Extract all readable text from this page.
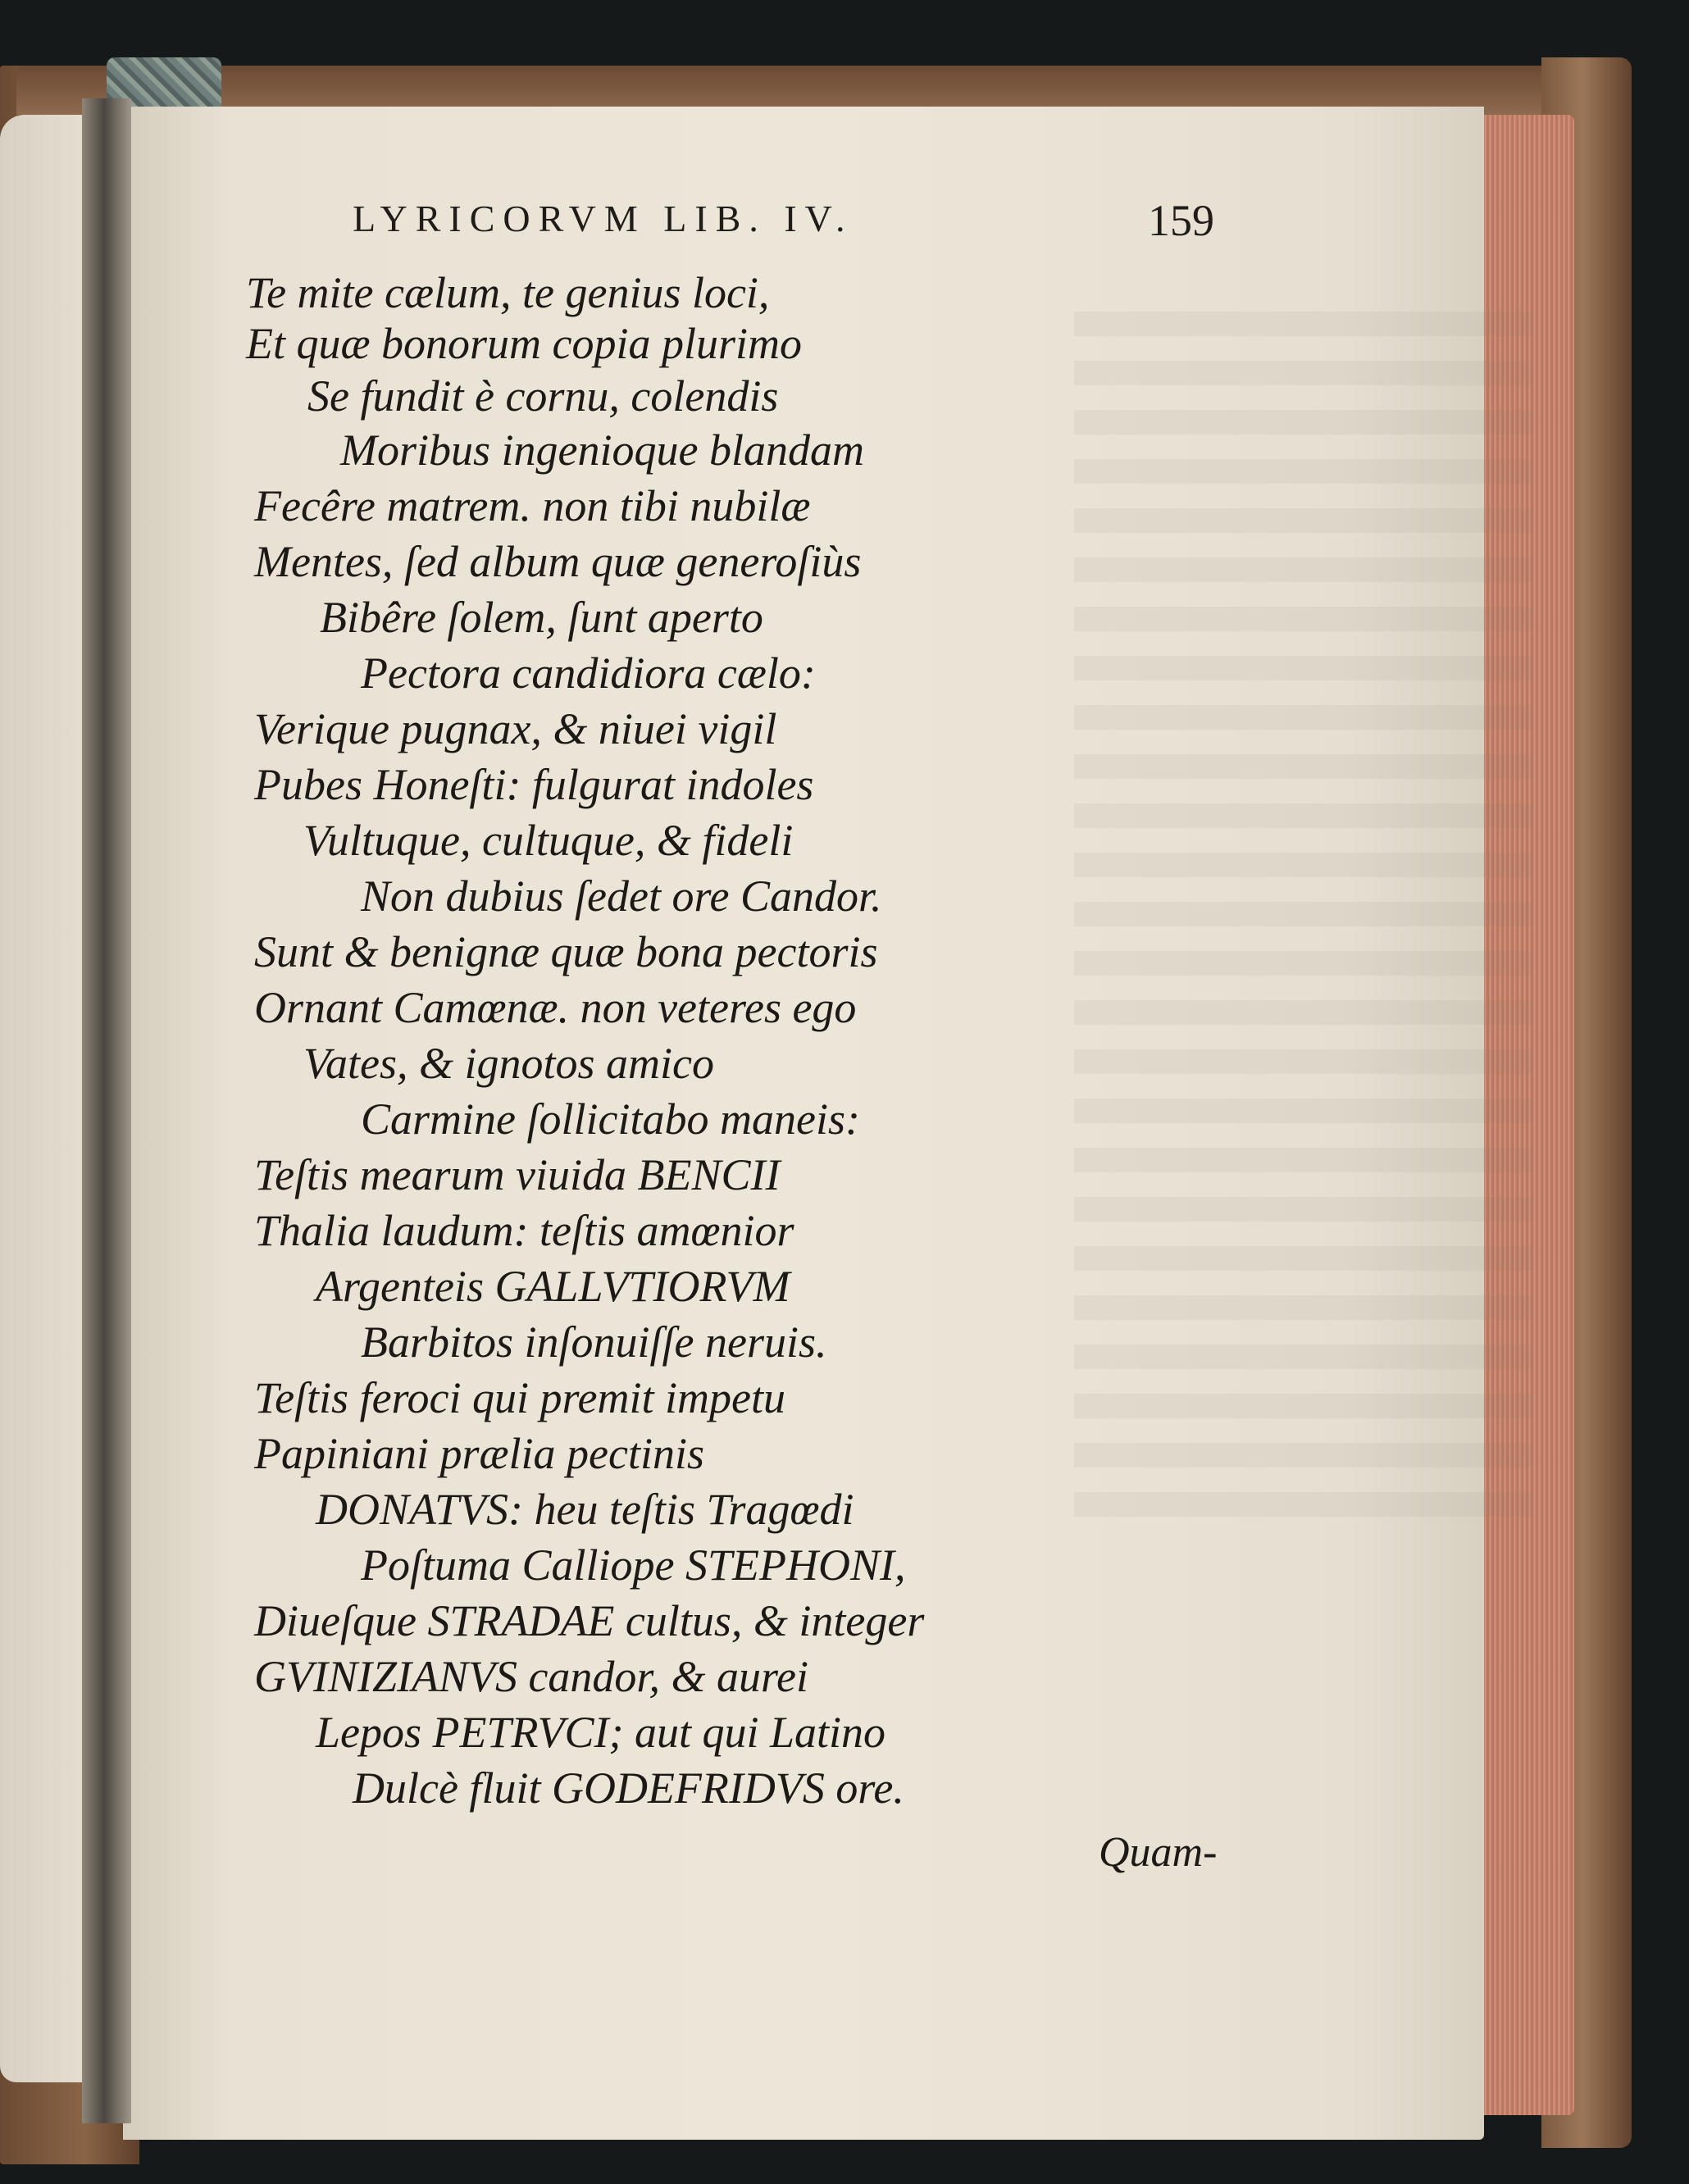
LYRICORVM LIB. IV.	159
Te mite cælum, te genius loci,
Et quæ bonorum copia plurimo
Se fundit è cornu, colendis
Moribus ingenioque blandam
Fecêre matrem. non tibi nubilæ
Mentes, ſed album quæ generoſiùs
Bibêre ſolem, ſunt aperto
Pectora candidiora cælo:
Verique pugnax, & niuei vigil
Pubes Honeſti: fulgurat indoles
Vultuque, cultuque, & fideli
Non dubius ſedet ore Candor.
Sunt & benignæ quæ bona pectoris
Ornant Camœnæ. non veteres ego
Vates, & ignotos amico
Carmine ſollicitabo maneis:
Teſtis mearum viuida BENCII
Thalia laudum: teſtis amœnior
Argenteis GALLVTIORVM
Barbitos inſonuiſſe neruis.
Teſtis feroci qui premit impetu
Papiniani prælia pectinis
DONATVS: heu teſtis Tragœdi
Poſtuma Calliope STEPHONI,
Diueſque STRADAE cultus, & integer
GVINIZIANVS candor, & aurei
Lepos PETRVCI; aut qui Latino
Dulcè fluit GODEFRIDVS ore.
Quam-
